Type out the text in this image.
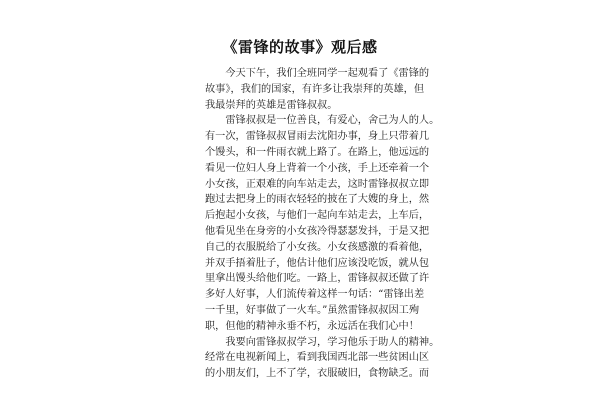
《雷锋的故事》观后感
　　今天下午，我们全班同学一起观看了《雷锋的
故事》，我们的国家，有许多让我崇拜的英雄，但
我最崇拜的英雄是雷锋叔叔。
　　雷锋叔叔是一位善良，有爱心，舍己为人的人。
有一次，雷锋叔叔冒雨去沈阳办事，身上只带着几
个馒头，和一件雨衣就上路了。在路上，他远远的
看见一位妇人身上背着一个小孩，手上还牵着一个
小女孩，正艰难的向车站走去，这时雷锋叔叔立即
跑过去把身上的雨衣轻轻的披在了大嫂的身上，然
后抱起小女孩，与他们一起向车站走去，上车后，
他看见坐在身旁的小女孩冷得瑟瑟发抖，于是又把
自己的衣服脱给了小女孩。小女孩感激的看着他，
并双手捂着肚子，他估计他们应该没吃饭，就从包
里拿出馒头给他们吃。一路上，雷锋叔叔还做了许
多好人好事，人们流传着这样一句话：“雷锋出差
一千里，好事做了一火车。”虽然雷锋叔叔因工殉
职，但他的精神永垂不朽，永远活在我们心中！
　　我要向雷锋叔叔学习，学习他乐于助人的精神。
经常在电视新闻上，看到我国西北部一些贫困山区
的小朋友们，上不了学，衣服破旧，食物缺乏。而
